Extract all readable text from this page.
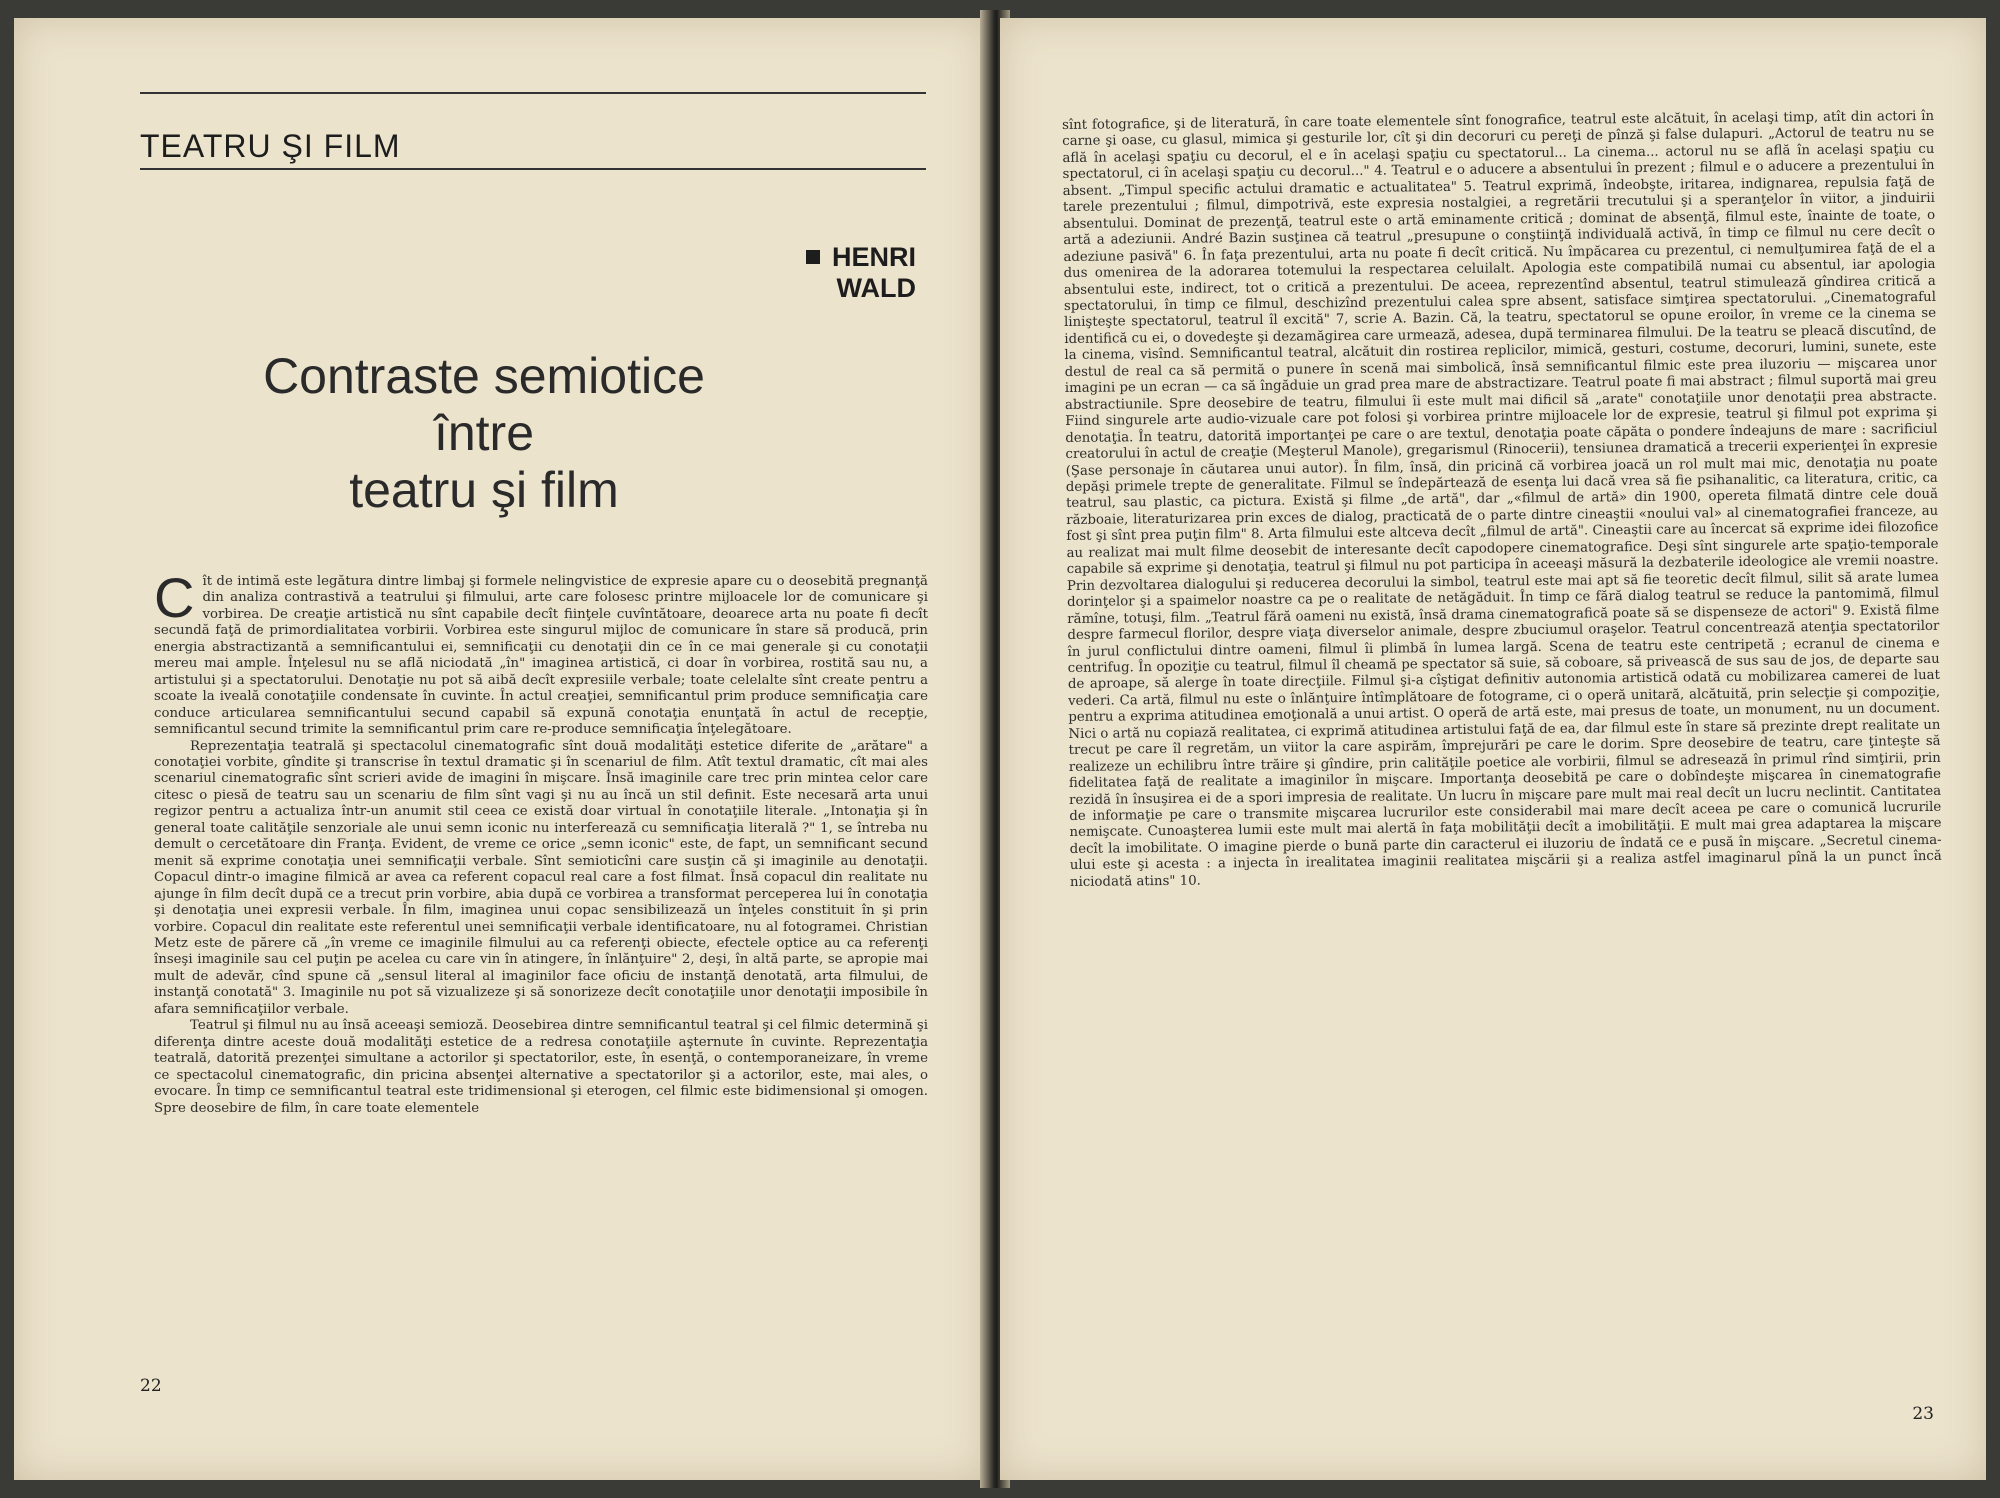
TEATRU ŞI FILM
HENRI
WALD
Contraste semiotice
între
teatru şi film

Cît de intimă este legătura dintre limbaj şi formele nelingvistice de expresie apare cu o deosebită pregnanţă din analiza contrastivă a teatrului şi filmului, arte care folosesc printre mijloacele lor de comunicare şi vorbirea. De creaţie artistică nu sînt capabile decît fiinţele cuvîntătoare, deoarece arta nu poate fi decît secundă faţă de primordialitatea vorbirii. Vorbirea este singurul mijloc de comunicare în stare să producă, prin energia abstractizantă a semnificantului ei, semnificaţii cu denotaţii din ce în ce mai generale şi cu conotaţii mereu mai ample. Înţelesul nu se află niciodată „în" imaginea artistică, ci doar în vorbirea, rostită sau nu, a artistului şi a spectatorului. Denotaţie nu pot să aibă decît expresiile verbale; toate celelalte sînt create pentru a scoate la iveală conotaţiile condensate în cuvinte. În actul creaţiei, semnificantul prim produce semnificaţia care conduce articularea semnificantului secund capabil să expună conotaţia enunţată în actul de recepţie, semnificantul secund trimite la semnificantul prim care re-produce semnificaţia înţelegătoare.

Reprezentaţia teatrală şi spectacolul cinematografic sînt două modalităţi estetice diferite de „arătare" a conotaţiei vorbite, gîndite şi transcrise în textul dramatic şi în scenariul de film. Atît textul dramatic, cît mai ales scenariul cinematografic sînt scrieri avide de imagini în mişcare. Însă imaginile care trec prin mintea celor care citesc o piesă de teatru sau un scenariu de film sînt vagi şi nu au încă un stil definit. Este necesară arta unui regizor pentru a actualiza într-un anumit stil ceea ce există doar virtual în conotaţiile literale. „Intonaţia şi în general toate calităţile senzoriale ale unui semn iconic nu interferează cu semnificaţia literală ?" 1, se întreba nu demult o cercetătoare din Franţa. Evident, de vreme ce orice „semn iconic" este, de fapt, un semnificant secund menit să exprime conotaţia unei semnificaţii verbale. Sînt semioticîni care susţin că şi imaginile au denotaţii. Copacul dintr-o imagine filmică ar avea ca referent copacul real care a fost filmat. Însă copacul din realitate nu ajunge în film decît după ce a trecut prin vorbire, abia după ce vorbirea a transformat perceperea lui în conotaţia şi denotaţia unei expresii verbale. În film, imaginea unui copac sensibilizează un înţeles constituit în şi prin vorbire. Copacul din realitate este referentul unei semnificaţii verbale identificatoare, nu al fotogramei. Christian Metz este de părere că „în vreme ce imaginile filmului au ca referenţi obiecte, efectele optice au ca referenţi înseşi imaginile sau cel puţin pe acelea cu care vin în atingere, în înlănţuire" 2, deşi, în altă parte, se apropie mai mult de adevăr, cînd spune că „sensul literal al imaginilor face oficiu de instanţă denotată, arta filmului, de instanţă conotată" 3. Imaginile nu pot să vizualizeze şi să sonorizeze decît conotaţiile unor denotaţii imposibile în afara semnificaţiilor verbale.

Teatrul şi filmul nu au însă aceeaşi semioză. Deosebirea dintre semnificantul teatral şi cel filmic determină şi diferenţa dintre aceste două modalităţi estetice de a redresa conotaţiile aşternute în cuvinte. Reprezentaţia teatrală, datorită prezenţei simultane a actorilor şi spectatorilor, este, în esenţă, o contemporaneizare, în vreme ce spectacolul cinematografic, din pricina absenţei alternative a spectatorilor şi a actorilor, este, mai ales, o evocare. În timp ce semnificantul teatral este tridimensional şi eterogen, cel filmic este bidimensional şi omogen. Spre deosebire de film, în care toate elementele

22

sînt fotografice, şi de literatură, în care toate elementele sînt fonografice, teatrul este alcătuit, în acelaşi timp, atît din actori în carne şi oase, cu glasul, mimica şi gesturile lor, cît şi din decoruri cu pereţi de pînză şi false dulapuri. „Actorul de teatru nu se află în acelaşi spaţiu cu decorul, el e în acelaşi spaţiu cu spectatorul... La cinema... actorul nu se află în acelaşi spaţiu cu spectatorul, ci în acelaşi spaţiu cu decorul..." 4. Teatrul e o aducere a absentului în prezent ; filmul e o aducere a prezentului în absent. „Timpul specific actului dramatic e actualitatea" 5. Teatrul exprimă, îndeobşte, iritarea, indignarea, repulsia faţă de tarele prezentului ; filmul, dimpotrivă, este expresia nostalgiei, a regretării trecutului şi a speranţelor în viitor, a jinduirii absentului. Dominat de prezenţă, teatrul este o artă eminamente critică ; dominat de absenţă, filmul este, înainte de toate, o artă a adeziunii. André Bazin susţinea că teatrul „presupune o conştiinţă individuală activă, în timp ce filmul nu cere decît o adeziune pasivă" 6. În faţa prezentului, arta nu poate fi decît critică. Nu împăcarea cu prezentul, ci nemulţumirea faţă de el a dus omenirea de la adorarea totemului la respectarea celuilalt. Apologia este compatibilă numai cu absentul, iar apologia absentului este, indirect, tot o critică a prezentului. De aceea, reprezentînd absentul, teatrul stimulează gîndirea critică a spectatorului, în timp ce filmul, deschizînd prezentului calea spre absent, satisface simţirea spectatorului. „Cinematograful linişteşte spectatorul, teatrul îl excită" 7, scrie A. Bazin. Că, la teatru, spectatorul se opune eroilor, în vreme ce la cinema se identifică cu ei, o dovedeşte şi dezamăgirea care urmează, adesea, după terminarea filmului. De la teatru se pleacă discutînd, de la cinema, visînd. Semnificantul teatral, alcătuit din rostirea replicilor, mimică, gesturi, costume, decoruri, lumini, sunete, este destul de real ca să permită o punere în scenă mai simbolică, însă semnificantul filmic este prea iluzoriu — mişcarea unor imagini pe un ecran — ca să îngăduie un grad prea mare de abstractizare. Teatrul poate fi mai abstract ; filmul suportă mai greu abstractiunile. Spre deosebire de teatru, filmului îi este mult mai dificil să „arate" conotaţiile unor denotaţii prea abstracte. Fiind singurele arte audio-vizuale care pot folosi şi vorbirea printre mijloacele lor de expresie, teatrul şi filmul pot exprima şi denotaţia. În teatru, datorită importanţei pe care o are textul, denotaţia poate căpăta o pondere îndeajuns de mare : sacrificiul creatorului în actul de creaţie (Meşterul Manole), gregarismul (Rinocerii), tensiunea dramatică a trecerii experienţei în expresie (Şase personaje în căutarea unui autor). În film, însă, din pricină că vorbirea joacă un rol mult mai mic, denotaţia nu poate depăşi primele trepte de generalitate. Filmul se îndepărtează de esenţa lui dacă vrea să fie psihanalitic, ca literatura, critic, ca teatrul, sau plastic, ca pictura. Există şi filme „de artă", dar „«filmul de artă» din 1900, opereta filmată dintre cele două războaie, literaturizarea prin exces de dialog, practicată de o parte dintre cineaştii «noului val» al cinematografiei franceze, au fost şi sînt prea puţin film" 8. Arta filmului este altceva decît „filmul de artă". Cineaştii care au încercat să exprime idei filozofice au realizat mai mult filme deosebit de interesante decît capodopere cinematografice. Deşi sînt singurele arte spaţio-temporale capabile să exprime şi denotaţia, teatrul şi filmul nu pot participa în aceeaşi măsură la dezbaterile ideologice ale vremii noastre. Prin dezvoltarea dialogului şi reducerea decorului la simbol, teatrul este mai apt să fie teoretic decît filmul, silit să arate lumea dorinţelor şi a spaimelor noastre ca pe o realitate de netăgăduit. În timp ce fără dialog teatrul se reduce la pantomimă, filmul rămîne, totuşi, film. „Teatrul fără oameni nu există, însă drama cinematografică poate să se dispenseze de actori" 9. Există filme despre farmecul florilor, despre viaţa diverselor animale, despre zbuciumul oraşelor. Teatrul concentrează atenţia spectatorilor în jurul conflictului dintre oameni, filmul îi plimbă în lumea largă. Scena de teatru este centripetă ; ecranul de cinema e centrifug. În opoziţie cu teatrul, filmul îl cheamă pe spectator să suie, să coboare, să privească de sus sau de jos, de departe sau de aproape, să alerge în toate direcţiile. Filmul şi-a cîştigat definitiv autonomia artistică odată cu mobilizarea camerei de luat vederi. Ca artă, filmul nu este o înlănţuire întîmplătoare de fotograme, ci o operă unitară, alcătuită, prin selecţie şi compoziţie, pentru a exprima atitudinea emoţională a unui artist. O operă de artă este, mai presus de toate, un monument, nu un document. Nici o artă nu copiază realitatea, ci exprimă atitudinea artistului faţă de ea, dar filmul este în stare să prezinte drept realitate un trecut pe care îl regretăm, un viitor la care aspirăm, împrejurări pe care le dorim. Spre deosebire de teatru, care ţinteşte să realizeze un echilibru între trăire şi gîndire, prin calităţile poetice ale vorbirii, filmul se adresează în primul rînd simţirii, prin fidelitatea faţă de realitate a imaginilor în mişcare. Importanţa deosebită pe care o dobîndeşte mişcarea în cinematografie rezidă în însuşirea ei de a spori impresia de realitate. Un lucru în mişcare pare mult mai real decît un lucru neclintit. Cantitatea de informaţie pe care o transmite mişcarea lucrurilor este considerabil mai mare decît aceea pe care o comunică lucrurile nemişcate. Cunoaşterea lumii este mult mai alertă în faţa mobilităţii decît a imobilităţii. E mult mai grea adaptarea la mişcare decît la imobilitate. O imagine pierde o bună parte din caracterul ei iluzoriu de îndată ce e pusă în mişcare. „Secretul cinema-ului este şi acesta : a injecta în irealitatea imaginii realitatea mişcării şi a realiza astfel imaginarul pînă la un punct încă niciodată atins" 10.

23
